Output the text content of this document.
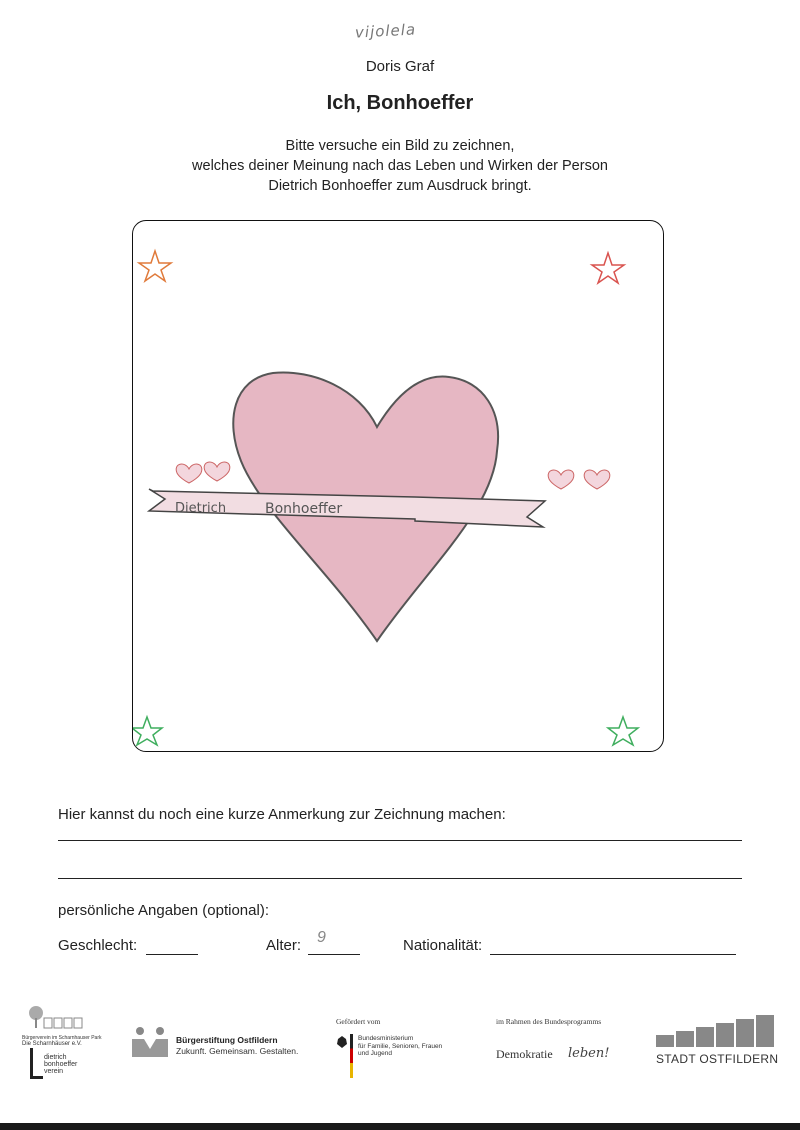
vijolela
Doris Graf
Ich, Bonhoeffer
Bitte versuche ein Bild zu zeichnen,
welches deiner Meinung nach das Leben und Wirken der Person
Dietrich Bonhoeffer zum Ausdruck bringt.
Dietrich	Bonhoeffer
Hier kannst du noch eine kurze Anmerkung zur Zeichnung machen:
persönliche Angaben (optional):
Geschlecht:	Alter: 9	Nationalität:
Bürgerverein im Scharnhauser Park
Die Scharnhäuser e.V.
dietrich
bonhoeffer
verein
Bürgerstiftung Ostfildern
Zukunft. Gemeinsam. Gestalten.
Gefördert vom
Bundesministerium
für Familie, Senioren, Frauen
und Jugend
im Rahmen des Bundesprogramms
Demokratie leben!	STADT OSTFILDERN
